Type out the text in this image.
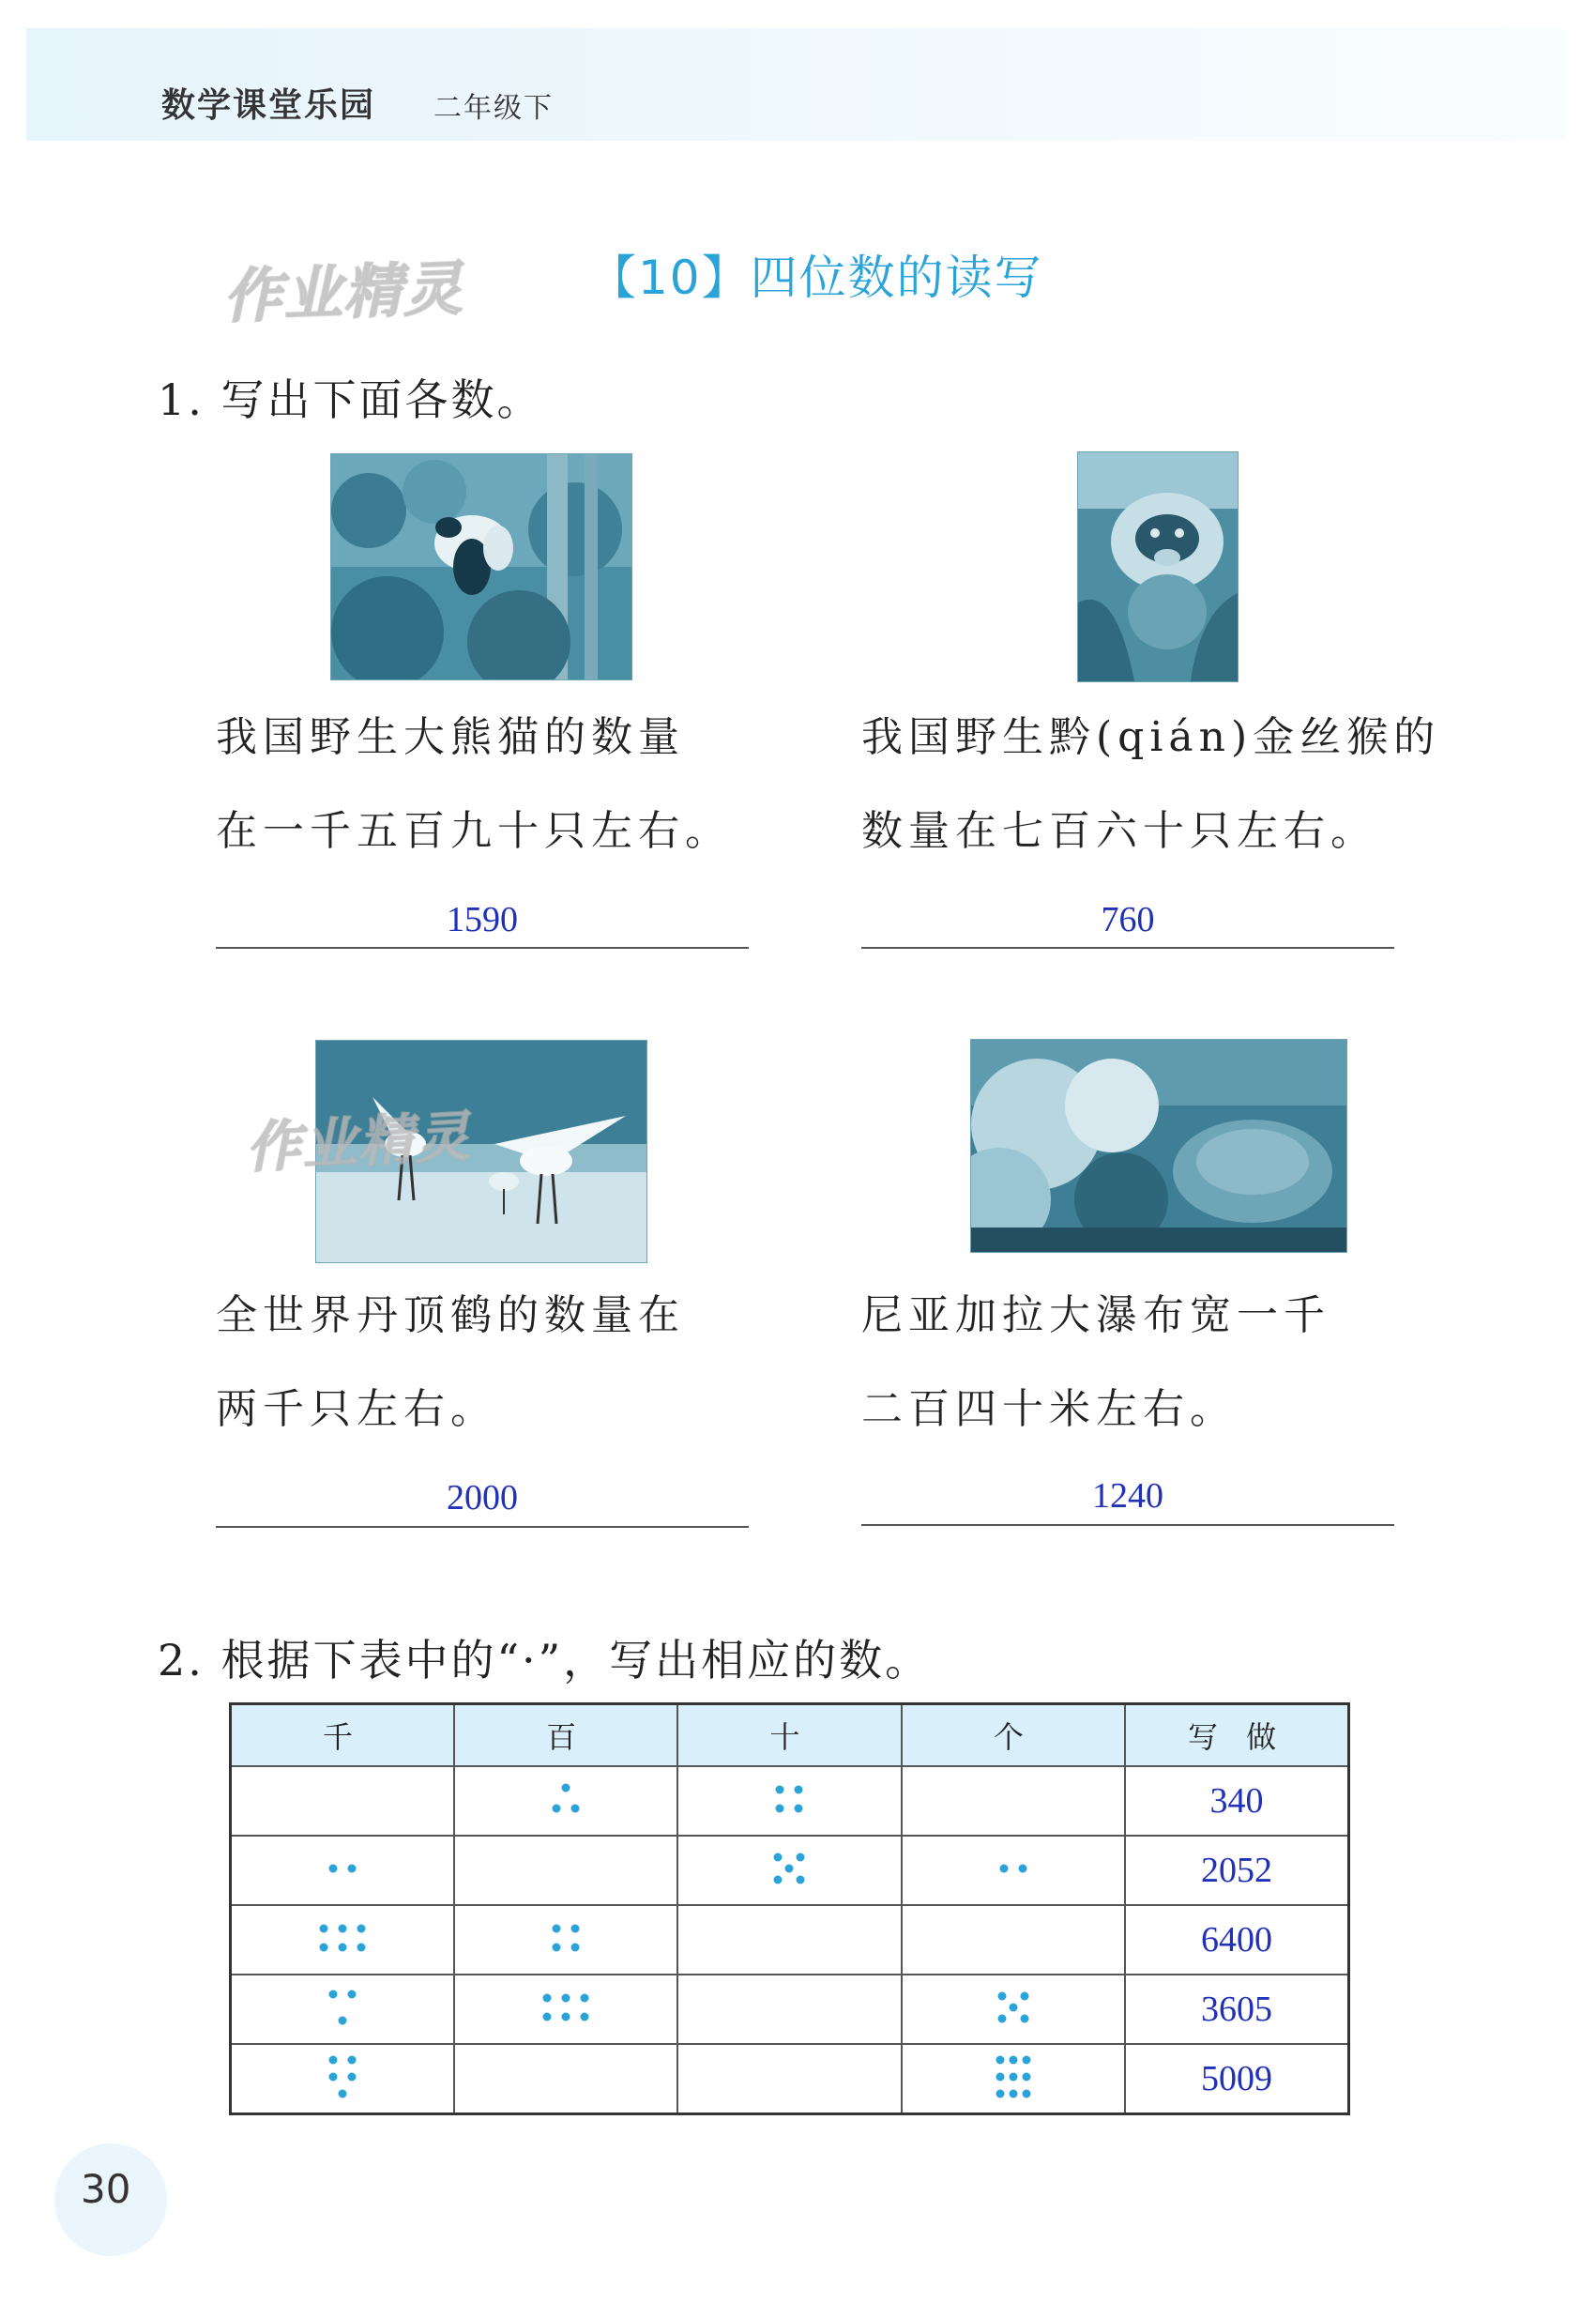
数学课堂乐园 二年级下
作业精灵	【10】四位数的读写
1. 写出下面各数。
我国野生大熊猫的数量
在一千五百九十只左右。
我国野生黔(qián)金丝猴的
数量在七百六十只左右。
1590	760
作业精灵
全世界丹顶鹤的数量在
两千只左右。
尼亚加拉大瀑布宽一千
二百四十米左右。
2000	1240
2. 根据下表中的“·”，写出相应的数。
千	百	十	个	写 做
				340
				2052
				6400
				3605
				5009
30
